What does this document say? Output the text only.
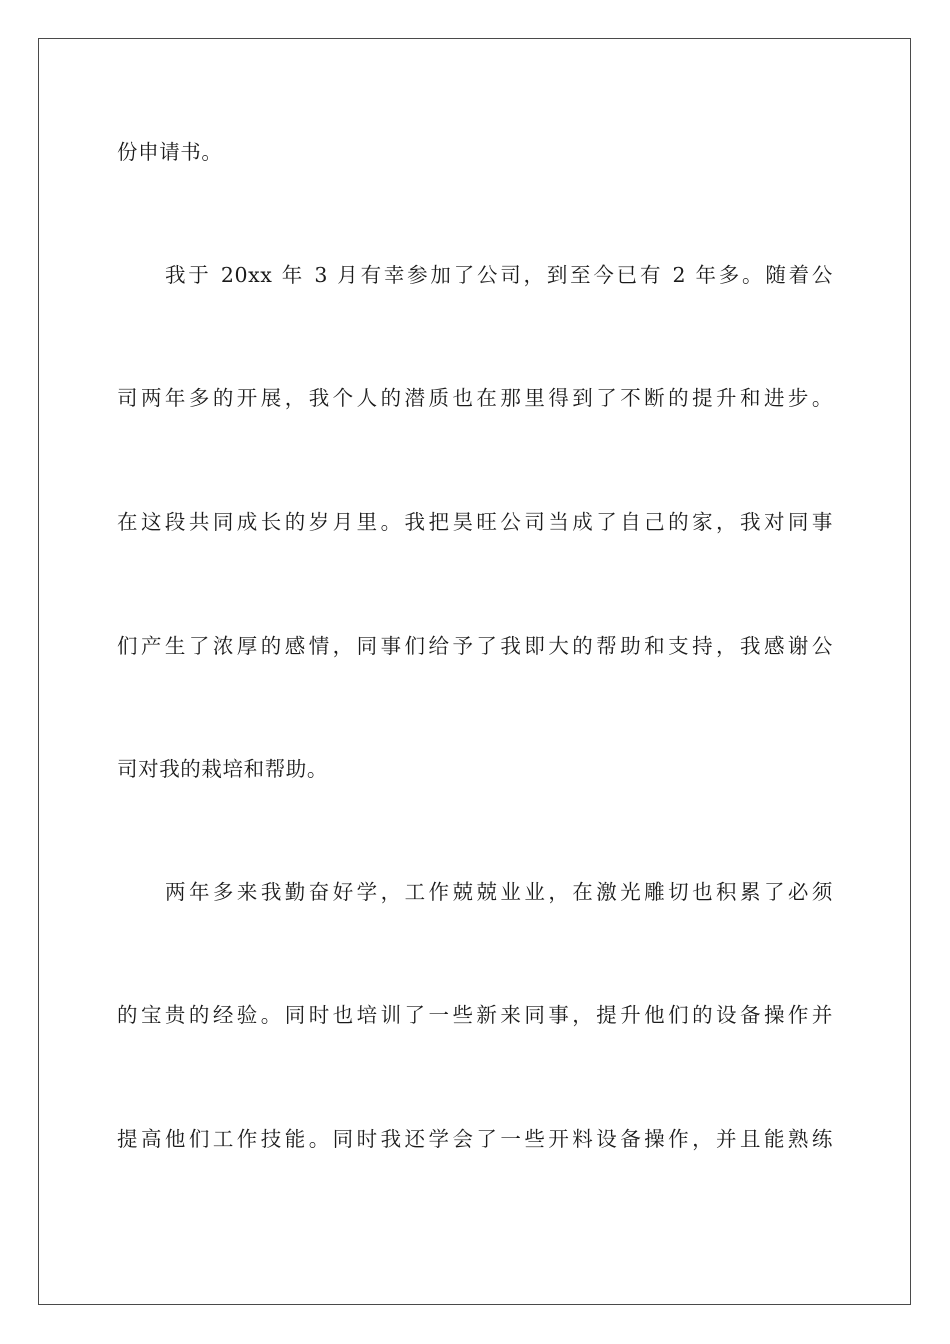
份申请书。
我于 20xx 年 3 月有幸参加了公司，到至今已有 2 年多。随着公
司两年多的开展，我个人的潜质也在那里得到了不断的提升和进步。
在这段共同成长的岁月里。我把昊旺公司当成了自己的家，我对同事
们产生了浓厚的感情，同事们给予了我即大的帮助和支持，我感谢公
司对我的栽培和帮助。
两年多来我勤奋好学，工作兢兢业业，在激光雕切也积累了必须
的宝贵的经验。同时也培训了一些新来同事，提升他们的设备操作并
提高他们工作技能。同时我还学会了一些开料设备操作，并且能熟练
